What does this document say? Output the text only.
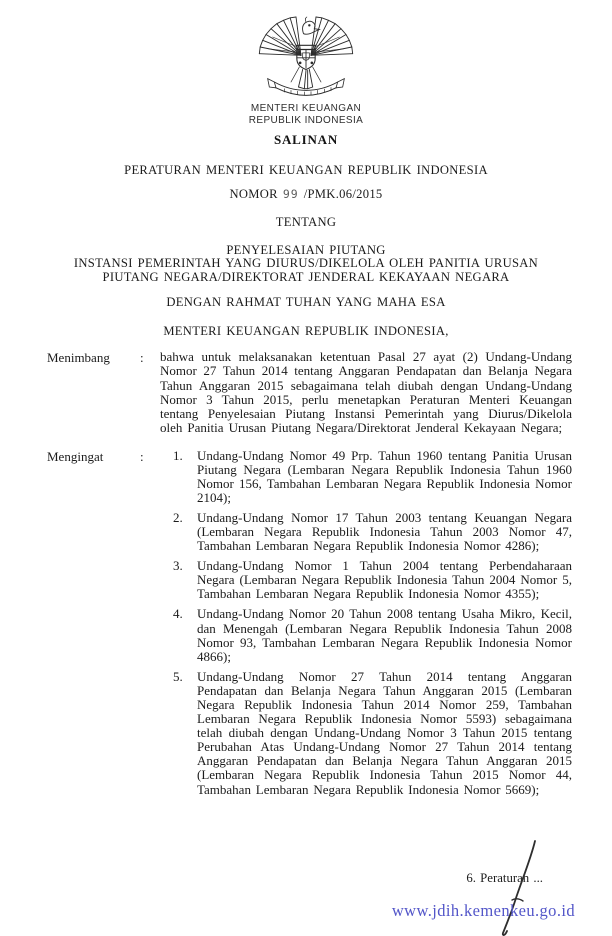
MENTERI KEUANGAN
REPUBLIK INDONESIA
SALINAN
PERATURAN MENTERI KEUANGAN REPUBLIK INDONESIA
NOMOR 99 /PMK.06/2015
TENTANG
PENYELESAIAN PIUTANG
INSTANSI PEMERINTAH YANG DIURUS/DIKELOLA OLEH PANITIA URUSAN
PIUTANG NEGARA/DIREKTORAT JENDERAL KEKAYAAN NEGARA
DENGAN RAHMAT TUHAN YANG MAHA ESA
MENTERI KEUANGAN REPUBLIK INDONESIA,
Menimbang	:	bahwa untuk melaksanakan ketentuan Pasal 27 ayat (2) Undang-Undang Nomor 27 Tahun 2014 tentang Anggaran Pendapatan dan Belanja Negara Tahun Anggaran 2015 sebagaimana telah diubah dengan Undang-Undang Nomor 3 Tahun 2015, perlu menetapkan Peraturan Menteri Keuangan tentang Penyelesaian Piutang Instansi Pemerintah yang Diurus/Dikelola oleh Panitia Urusan Piutang Negara/Direktorat Jenderal Kekayaan Negara;
Mengingat	:	1.	Undang-Undang Nomor 49 Prp. Tahun 1960 tentang Panitia Urusan Piutang Negara (Lembaran Negara Republik Indonesia Tahun 1960 Nomor 156, Tambahan Lembaran Negara Republik Indonesia Nomor 2104);
2.	Undang-Undang Nomor 17 Tahun 2003 tentang Keuangan Negara (Lembaran Negara Republik Indonesia Tahun 2003 Nomor 47, Tambahan Lembaran Negara Republik Indonesia Nomor 4286);
3.	Undang-Undang Nomor 1 Tahun 2004 tentang Perbendaharaan Negara (Lembaran Negara Republik Indonesia Tahun 2004 Nomor 5, Tambahan Lembaran Negara Republik Indonesia Nomor 4355);
4.	Undang-Undang Nomor 20 Tahun 2008 tentang Usaha Mikro, Kecil, dan Menengah (Lembaran Negara Republik Indonesia Tahun 2008 Nomor 93, Tambahan Lembaran Negara Republik Indonesia Nomor 4866);
5.	Undang-Undang Nomor 27 Tahun 2014 tentang Anggaran Pendapatan dan Belanja Negara Tahun Anggaran 2015 (Lembaran Negara Republik Indonesia Tahun 2014 Nomor 259, Tambahan Lembaran Negara Republik Indonesia Nomor 5593) sebagaimana telah diubah dengan Undang-Undang Nomor 3 Tahun 2015 tentang Perubahan Atas Undang-Undang Nomor 27 Tahun 2014 tentang Anggaran Pendapatan dan Belanja Negara Tahun Anggaran 2015 (Lembaran Negara Republik Indonesia Tahun 2015 Nomor 44, Tambahan Lembaran Negara Republik Indonesia Nomor 5669);
6. Peraturan ...
www.jdih.kemenkeu.go.id
